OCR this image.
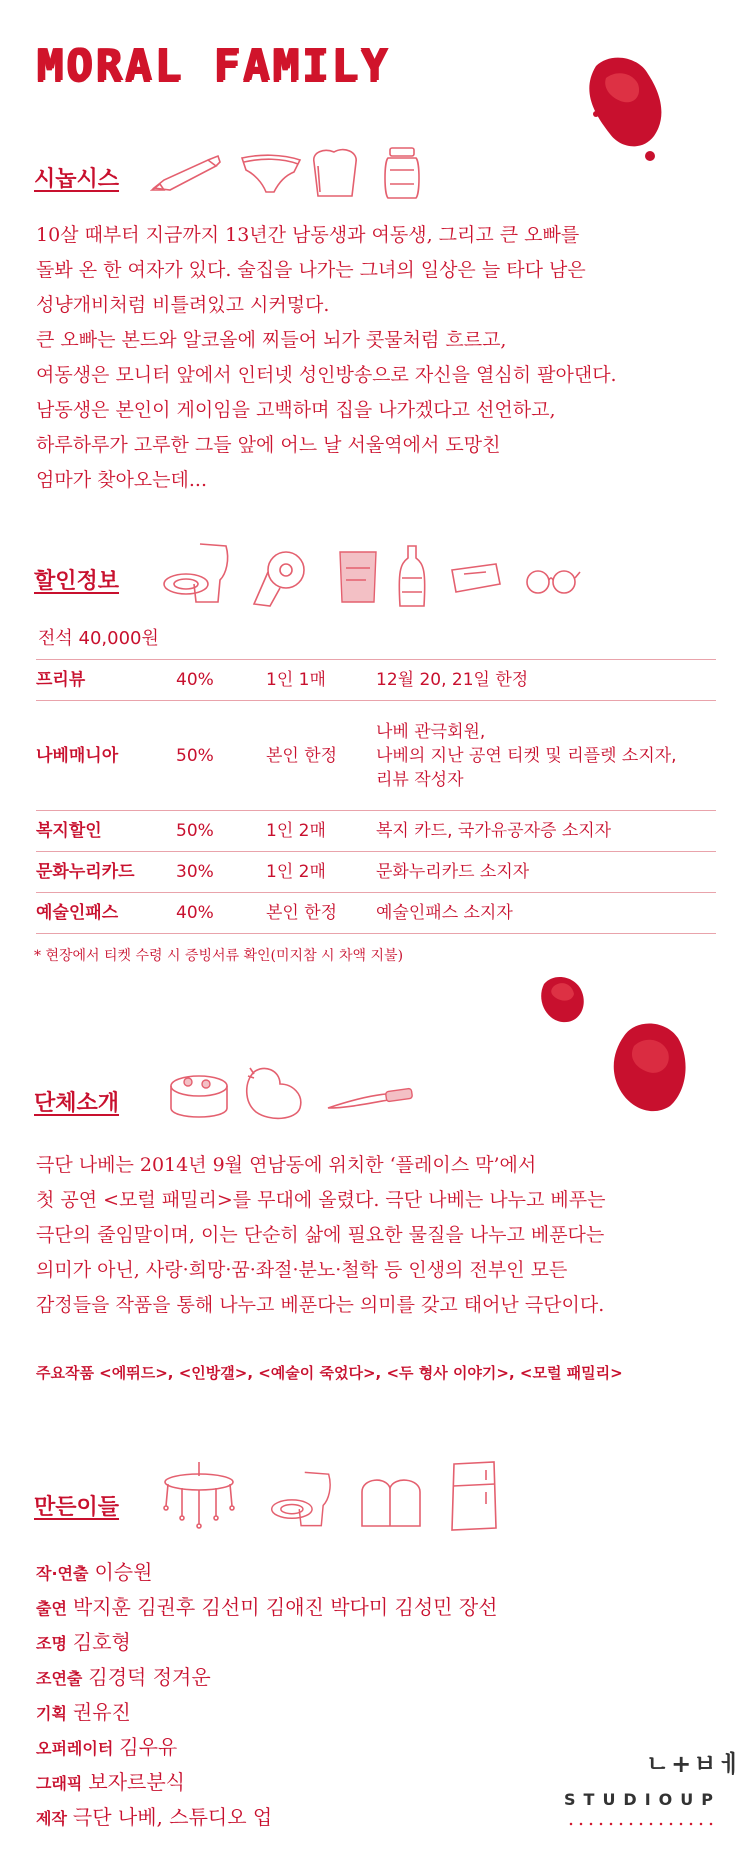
MORAL FAMILY
시놉시스
10살 때부터 지금까지 13년간 남동생과 여동생, 그리고 큰 오빠를
돌봐 온 한 여자가 있다. 술집을 나가는 그녀의 일상은 늘 타다 남은
성냥개비처럼 비틀려있고 시커멓다.
큰 오빠는 본드와 알코올에 찌들어 뇌가 콧물처럼 흐르고,
여동생은 모니터 앞에서 인터넷 성인방송으로 자신을 열심히 팔아댄다.
남동생은 본인이 게이임을 고백하며 집을 나가겠다고 선언하고,
하루하루가 고루한 그들 앞에 어느 날 서울역에서 도망친
엄마가 찾아오는데...
할인정보
전석 40,000원
프리뷰	40%	1인 1매	12월 20, 21일 한정
나베매니아	50%	본인 한정	나베 관극회원,
나베의 지난 공연 티켓 및 리플렛 소지자,
리뷰 작성자
복지할인	50%	1인 2매	복지 카드, 국가유공자증 소지자
문화누리카드	30%	1인 2매	문화누리카드 소지자
예술인패스	40%	본인 한정	예술인패스 소지자
* 현장에서 티켓 수령 시 증빙서류 확인(미지참 시 차액 지불)
단체소개
극단 나베는 2014년 9월 연남동에 위치한 ‘플레이스 막’에서
첫 공연 <모럴 패밀리>를 무대에 올렸다. 극단 나베는 나누고 베푸는
극단의 줄임말이며, 이는 단순히 삶에 필요한 물질을 나누고 베푼다는
의미가 아닌, 사랑·희망·꿈·좌절·분노·철학 등 인생의 전부인 모든
감정들을 작품을 통해 나누고 베푼다는 의미를 갖고 태어난 극단이다.
주요작품 <에뛰드>, <인방갤>, <예술이 죽었다>, <두 형사 이야기>, <모럴 패밀리>
만든이들
작·연출 이승원
출연 박지훈 김권후 김선미 김애진 박다미 김성민 장선
조명 김호형
조연출 김경덕 정겨운
기획 권유진
오퍼레이터 김우유
그래픽 보자르분식
제작 극단 나베, 스튜디오 업
ㄴ+ㅂㅔ
STUDIOUP
